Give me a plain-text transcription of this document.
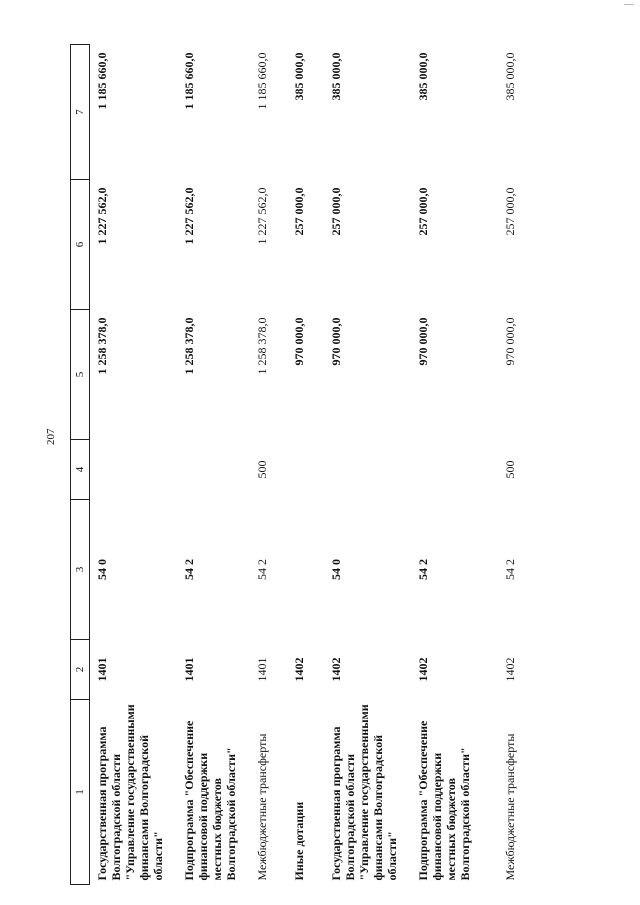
207
1	2	3	4	5	6	7
Государственная программа Волгоградской области "Управление государственными финансами Волгоградской области"	1401	54 0		1 258 378,0	1 227 562,0	1 185 660,0
Подпрограмма "Обеспечение финансовой поддержки местных бюджетов Волгоградской области"	1401	54 2		1 258 378,0	1 227 562,0	1 185 660,0
Межбюджетные трансферты	1401	54 2	500	1 258 378,0	1 227 562,0	1 185 660,0
Иные дотации	1402			970 000,0	257 000,0	385 000,0
Государственная программа Волгоградской области "Управление государственными финансами Волгоградской области"	1402	54 0		970 000,0	257 000,0	385 000,0
Подпрограмма "Обеспечение финансовой поддержки местных бюджетов Волгоградской области"	1402	54 2		970 000,0	257 000,0	385 000,0
Межбюджетные трансферты	1402	54 2	500	970 000,0	257 000,0	385 000,0
